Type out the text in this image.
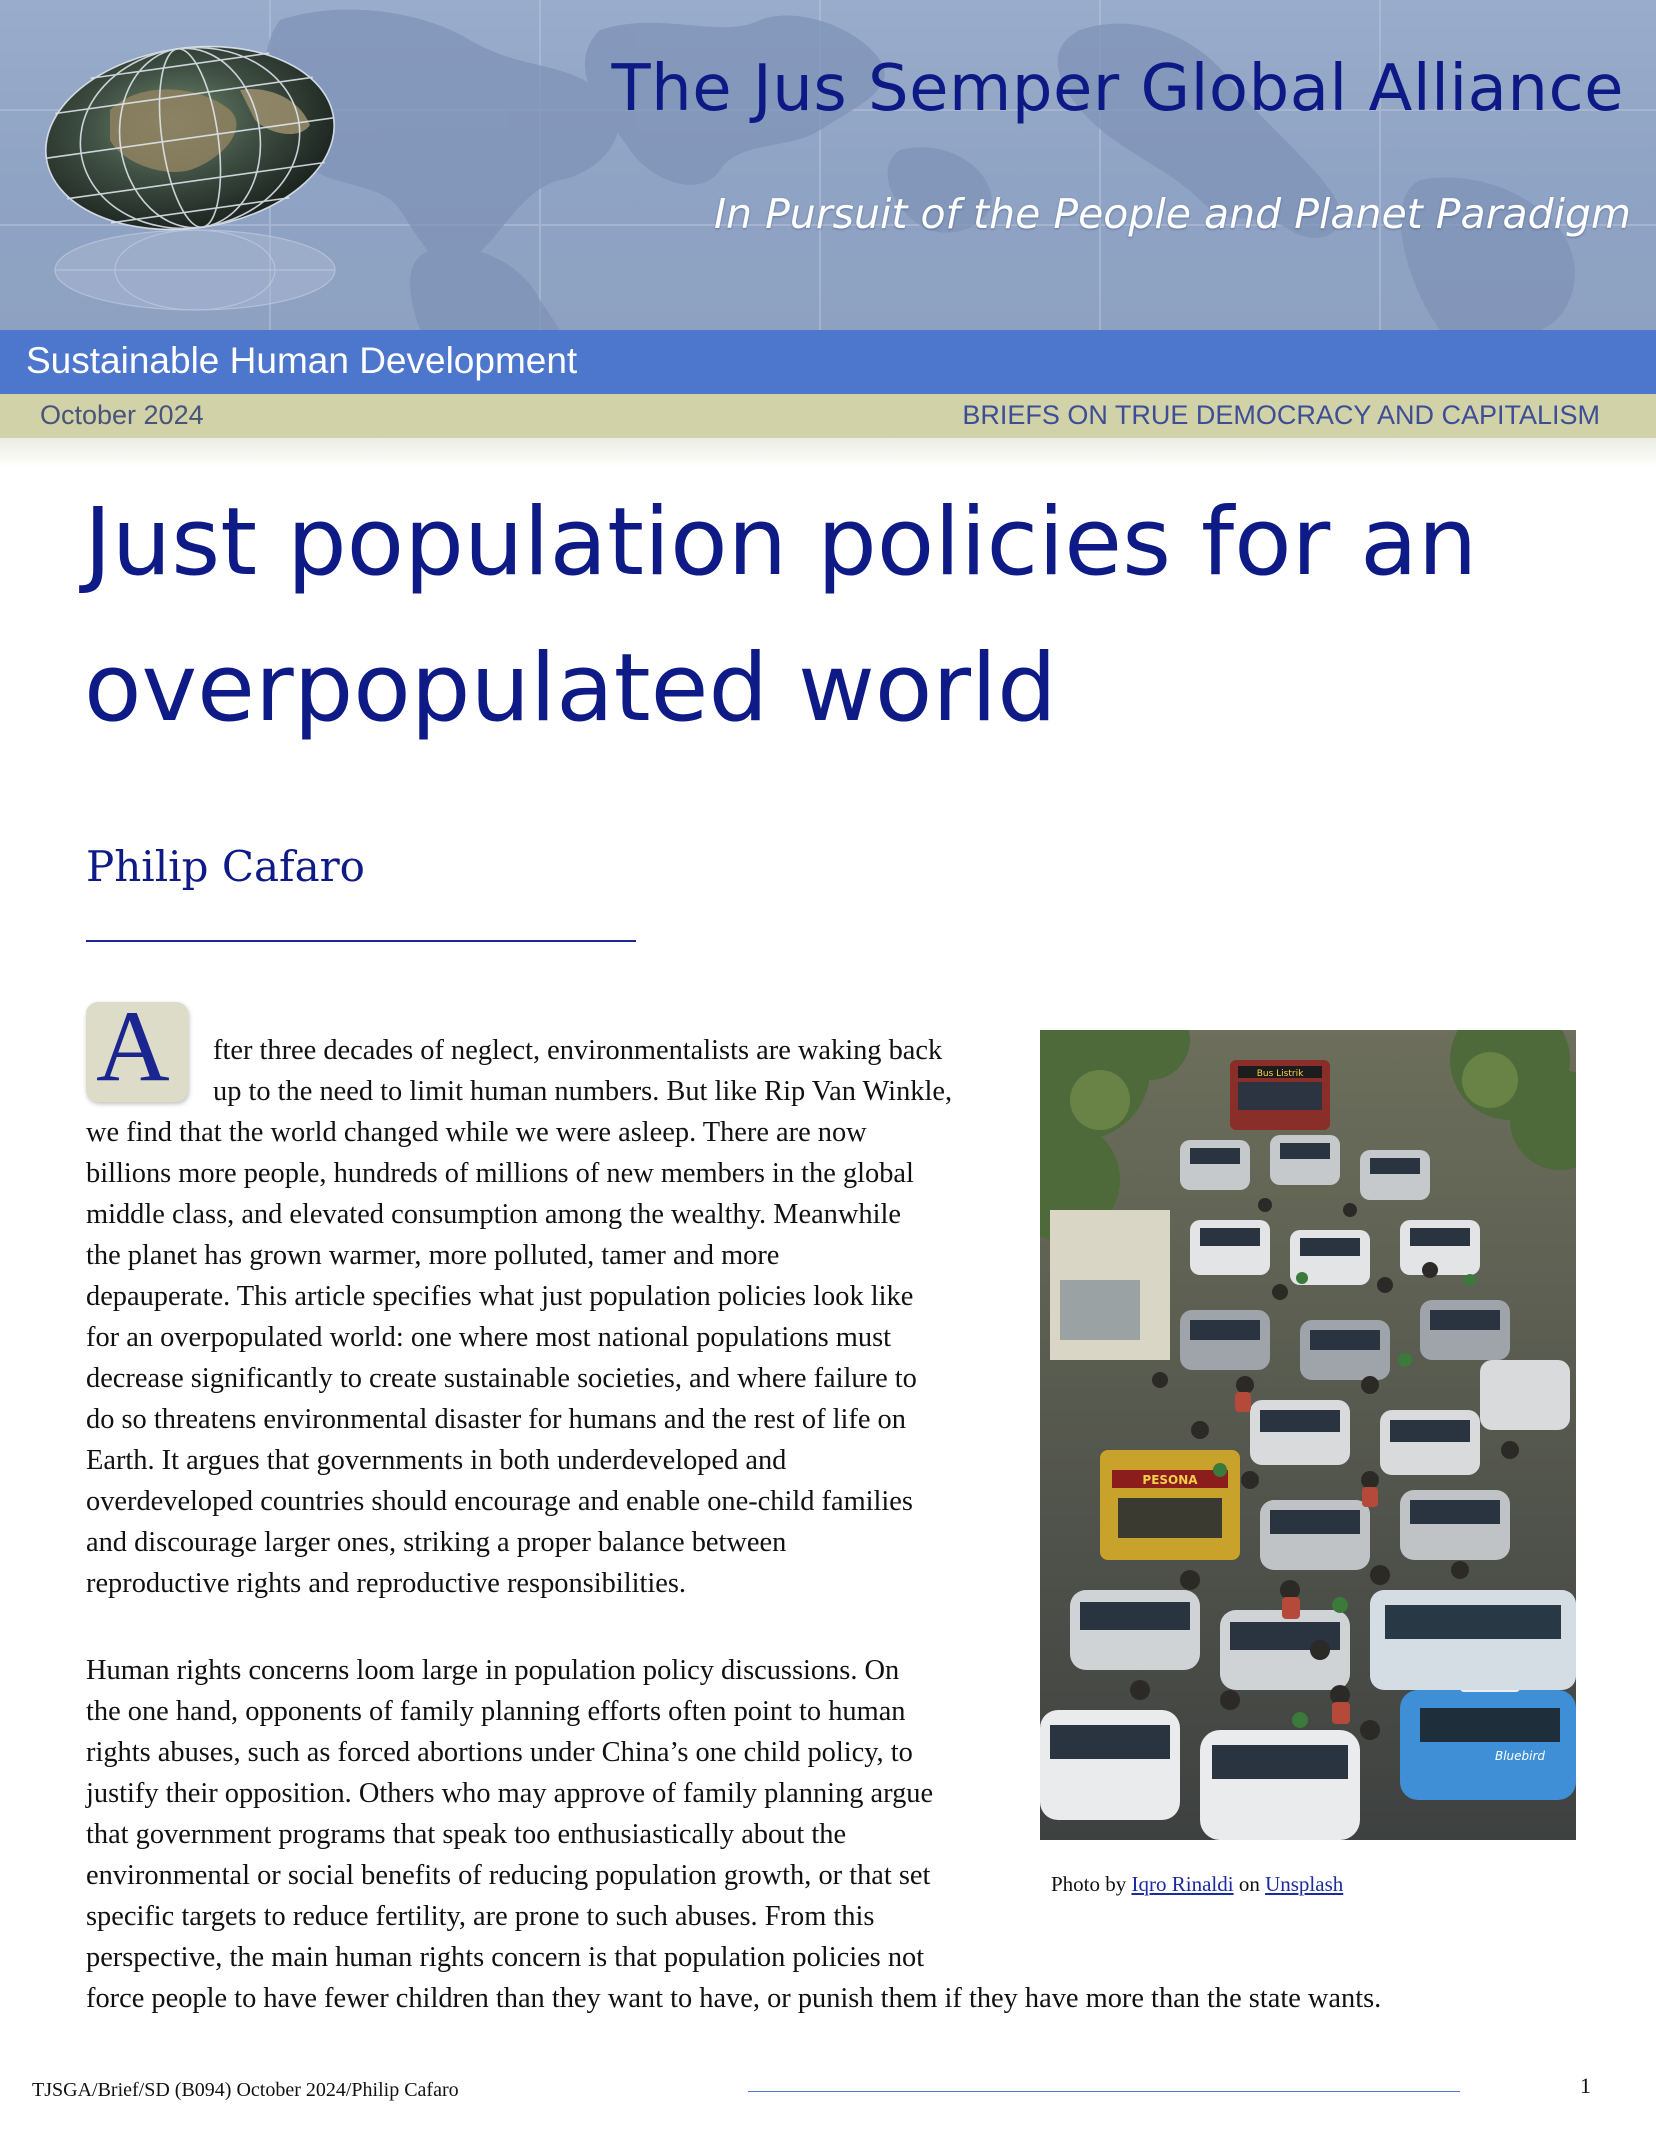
The Jus Semper Global Alliance
In Pursuit of the People and Planet Paradigm
Sustainable Human Development
October 2024	BRIEFS ON TRUE DEMOCRACY AND CAPITALISM
Just population policies for an
overpopulated world
Philip Cafaro
A	fter three decades of neglect, environmentalists are waking back
up to the need to limit human numbers. But like Rip Van Winkle,
we find that the world changed while we were asleep. There are now
billions more people, hundreds of millions of new members in the global
middle class, and elevated consumption among the wealthy. Meanwhile
the planet has grown warmer, more polluted, tamer and more
depauperate. This article specifies what just population policies look like
for an overpopulated world: one where most national populations must
decrease significantly to create sustainable societies, and where failure to
do so threatens environmental disaster for humans and the rest of life on
Earth. It argues that governments in both underdeveloped and
overdeveloped countries should encourage and enable one-child families
and discourage larger ones, striking a proper balance between
reproductive rights and reproductive responsibilities.
Human rights concerns loom large in population policy discussions. On
the one hand, opponents of family planning efforts often point to human
rights abuses, such as forced abortions under China’s one child policy, to
justify their opposition. Others who may approve of family planning argue
that government programs that speak too enthusiastically about the
environmental or social benefits of reducing population growth, or that set
specific targets to reduce fertility, are prone to such abuses. From this
perspective, the main human rights concern is that population policies not
force people to have fewer children than they want to have, or punish them if they have more than the state wants.
Bus Listrik
PESONA
Bluebird
Photo by Iqro Rinaldi on Unsplash
TJSGA/Brief/SD (B094) October 2024/Philip Cafaro	1
